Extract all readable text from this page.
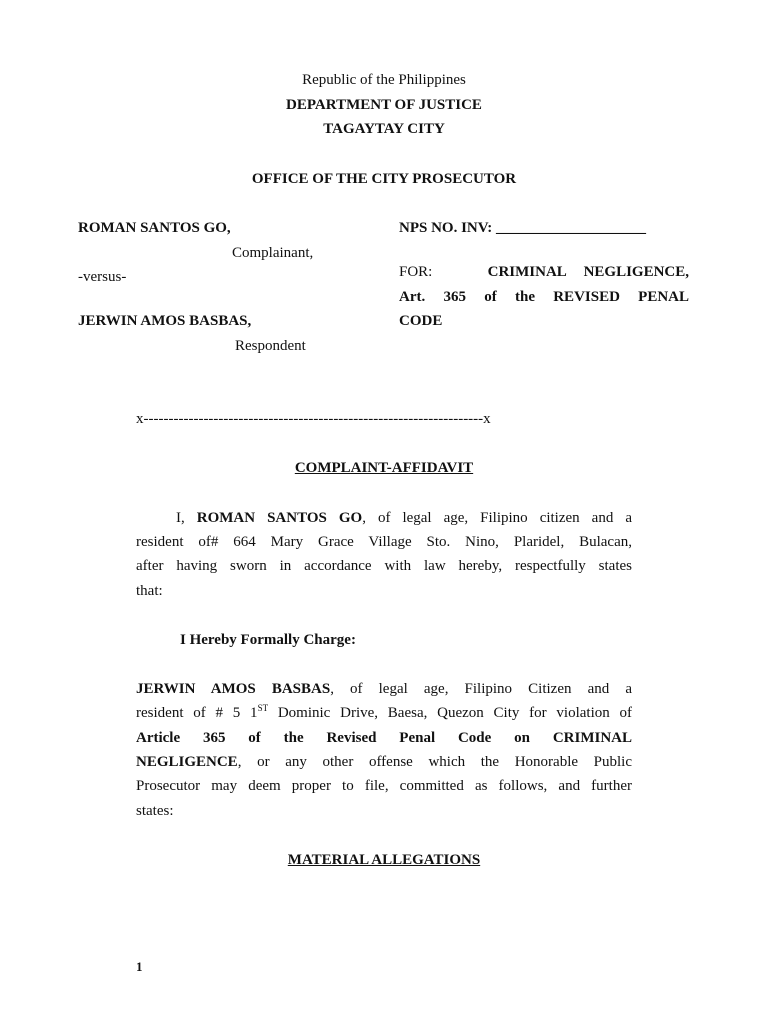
Republic of the Philippines
DEPARTMENT OF JUSTICE
TAGAYTAY CITY
OFFICE OF THE CITY PROSECUTOR
ROMAN SANTOS GO,
Complainant,
-versus-
JERWIN AMOS BASBAS,
Respondent
NPS NO. INV: ____________________
FOR:	CRIMINAL NEGLIGENCE,
Art. 365 of the REVISED PENAL
CODE
x--------------------------------------------------------------------x
COMPLAINT-AFFIDAVIT
I, ROMAN SANTOS GO, of legal age, Filipino citizen and a
resident of# 664 Mary Grace Village Sto. Nino, Plaridel, Bulacan,
after having sworn in accordance with law hereby, respectfully states
that:
I Hereby Formally Charge:
JERWIN AMOS BASBAS, of legal age, Filipino Citizen and a
resident of # 5 1ST Dominic Drive, Baesa, Quezon City for violation of
Article 365 of the Revised Penal Code on CRIMINAL
NEGLIGENCE, or any other offense which the Honorable Public
Prosecutor may deem proper to file, committed as follows, and further
states:
MATERIAL ALLEGATIONS
1
